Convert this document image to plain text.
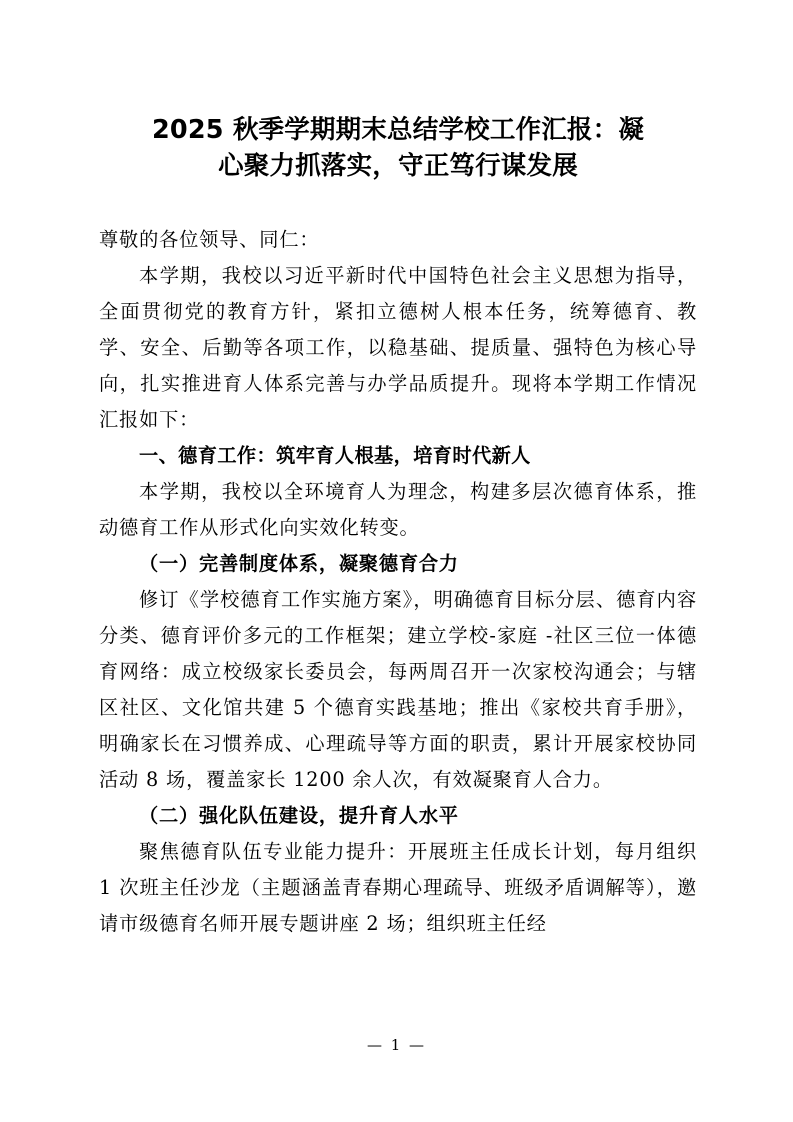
2025 秋季学期期末总结学校工作汇报：凝
心聚力抓落实，守正笃行谋发展

尊敬的各位领导、同仁：

本学期，我校以习近平新时代中国特色社会主义思想为指导，全面贯彻党的教育方针，紧扣立德树人根本任务，统筹德育、教学、安全、后勤等各项工作，以稳基础、提质量、强特色为核心导向，扎实推进育人体系完善与办学品质提升。现将本学期工作情况汇报如下：

一、德育工作：筑牢育人根基，培育时代新人

本学期，我校以全环境育人为理念，构建多层次德育体系，推动德育工作从形式化向实效化转变。

（一）完善制度体系，凝聚德育合力

修订《学校德育工作实施方案》，明确德育目标分层、德育内容分类、德育评价多元的工作框架；建立学校-家庭 -社区三位一体德育网络：成立校级家长委员会，每两周召开一次家校沟通会；与辖区社区、文化馆共建 5 个德育实践基地；推出《家校共育手册》，明确家长在习惯养成、心理疏导等方面的职责，累计开展家校协同活动 8 场，覆盖家长 1200 余人次，有效凝聚育人合力。

（二）强化队伍建设，提升育人水平

聚焦德育队伍专业能力提升：开展班主任成长计划，每月组织 1 次班主任沙龙（主题涵盖青春期心理疏导、班级矛盾调解等），邀请市级德育名师开展专题讲座 2 场；组织班主任经

— 1 —
